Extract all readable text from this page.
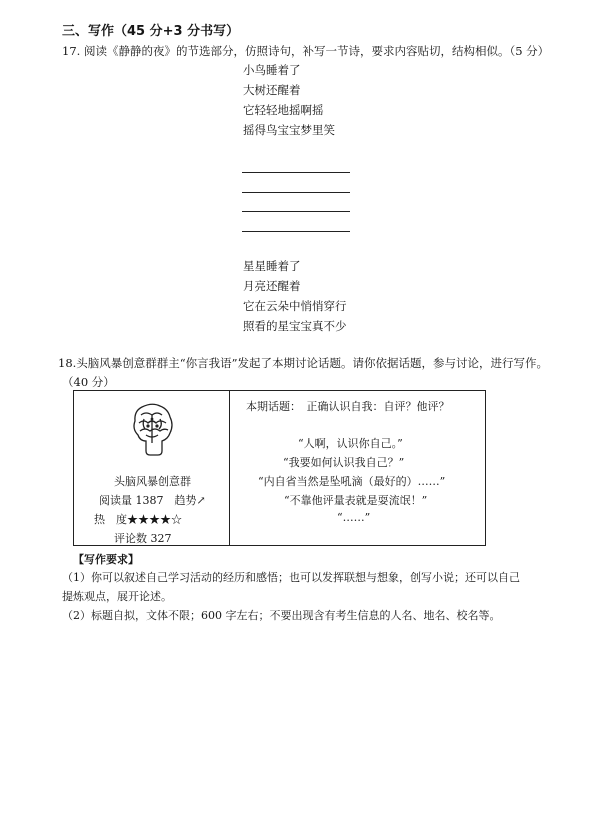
三、写作（45 分+3 分书写）
17. 阅读《静静的夜》的节选部分，仿照诗句，补写一节诗，要求内容贴切，结构相似。（5 分）
小鸟睡着了
大树还醒着
它轻轻地摇啊摇
摇得鸟宝宝梦里笑
星星睡着了
月亮还醒着
它在云朵中悄悄穿行
照看的星宝宝真不少
18.头脑风暴创意群群主“你言我语”发起了本期讨论话题。请你依据话题，参与讨论，进行写作。
（40 分）
头脑风暴创意群
阅读量 1387　趋势↗
热　度★★★★☆
评论数 327
本期话题：　正确认识自我：自评？他评？
“人啊，认识你自己。”
“我要如何认识我自己？”
“内自省当然是坠吼滴（最好的）……”
“不靠他评量表就是耍流氓！”
“……”
【写作要求】
（1）你可以叙述自己学习活动的经历和感悟；也可以发挥联想与想象，创写小说；还可以自己
提炼观点，展开论述。
（2）标题自拟，文体不限；600 字左右；不要出现含有考生信息的人名、地名、校名等。
